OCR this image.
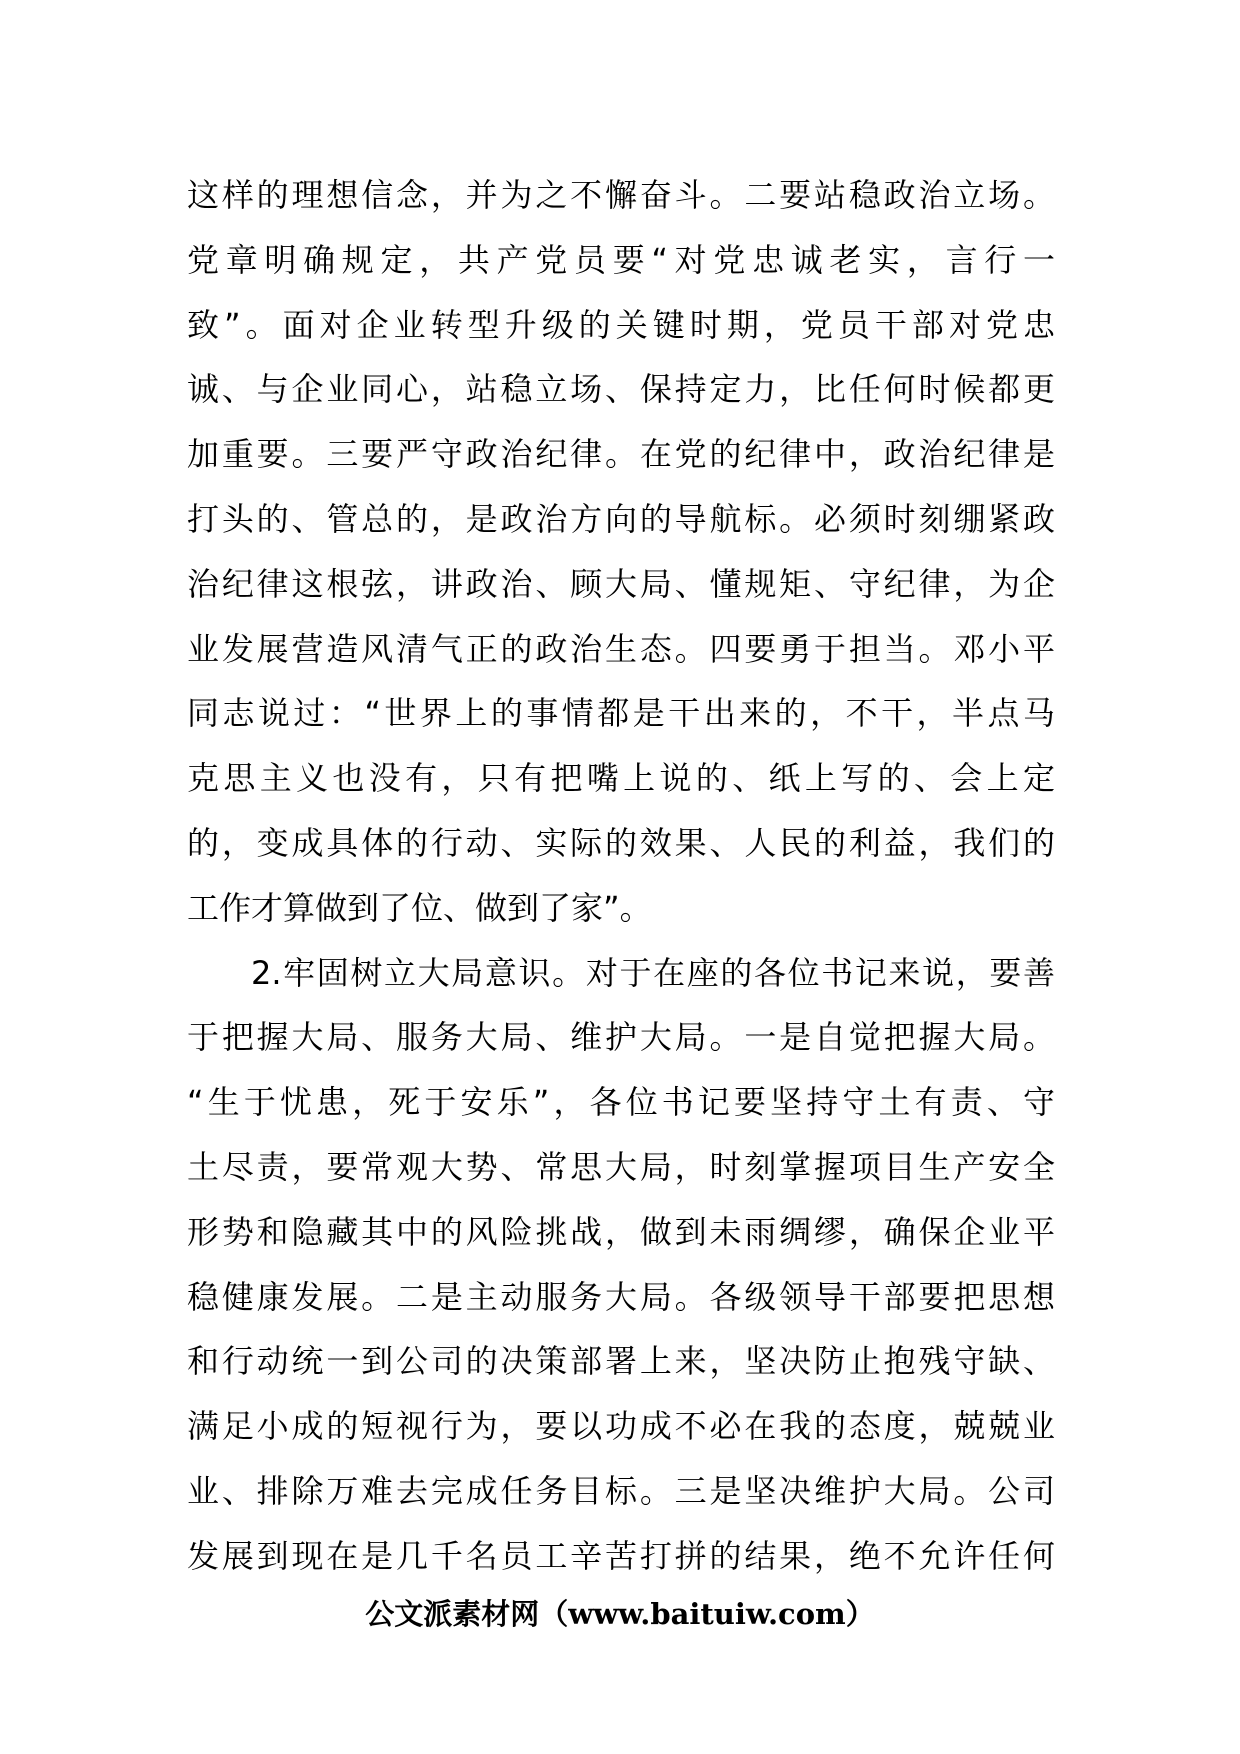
这样的理想信念，并为之不懈奋斗。二要站稳政治立场。
党章明确规定，共产党员要“对党忠诚老实，言行一
致”。面对企业转型升级的关键时期，党员干部对党忠
诚、与企业同心，站稳立场、保持定力，比任何时候都更
加重要。三要严守政治纪律。在党的纪律中，政治纪律是
打头的、管总的，是政治方向的导航标。必须时刻绷紧政
治纪律这根弦，讲政治、顾大局、懂规矩、守纪律，为企
业发展营造风清气正的政治生态。四要勇于担当。邓小平
同志说过：“世界上的事情都是干出来的，不干，半点马
克思主义也没有，只有把嘴上说的、纸上写的、会上定
的，变成具体的行动、实际的效果、人民的利益，我们的
工作才算做到了位、做到了家”。
2.牢固树立大局意识。对于在座的各位书记来说，要善
于把握大局、服务大局、维护大局。一是自觉把握大局。
“生于忧患，死于安乐”，各位书记要坚持守土有责、守
土尽责，要常观大势、常思大局，时刻掌握项目生产安全
形势和隐藏其中的风险挑战，做到未雨绸缪，确保企业平
稳健康发展。二是主动服务大局。各级领导干部要把思想
和行动统一到公司的决策部署上来，坚决防止抱残守缺、
满足小成的短视行为，要以功成不必在我的态度，兢兢业
业、排除万难去完成任务目标。三是坚决维护大局。公司
发展到现在是几千名员工辛苦打拼的结果，绝不允许任何
公文派素材网（www.baituiw.com）
